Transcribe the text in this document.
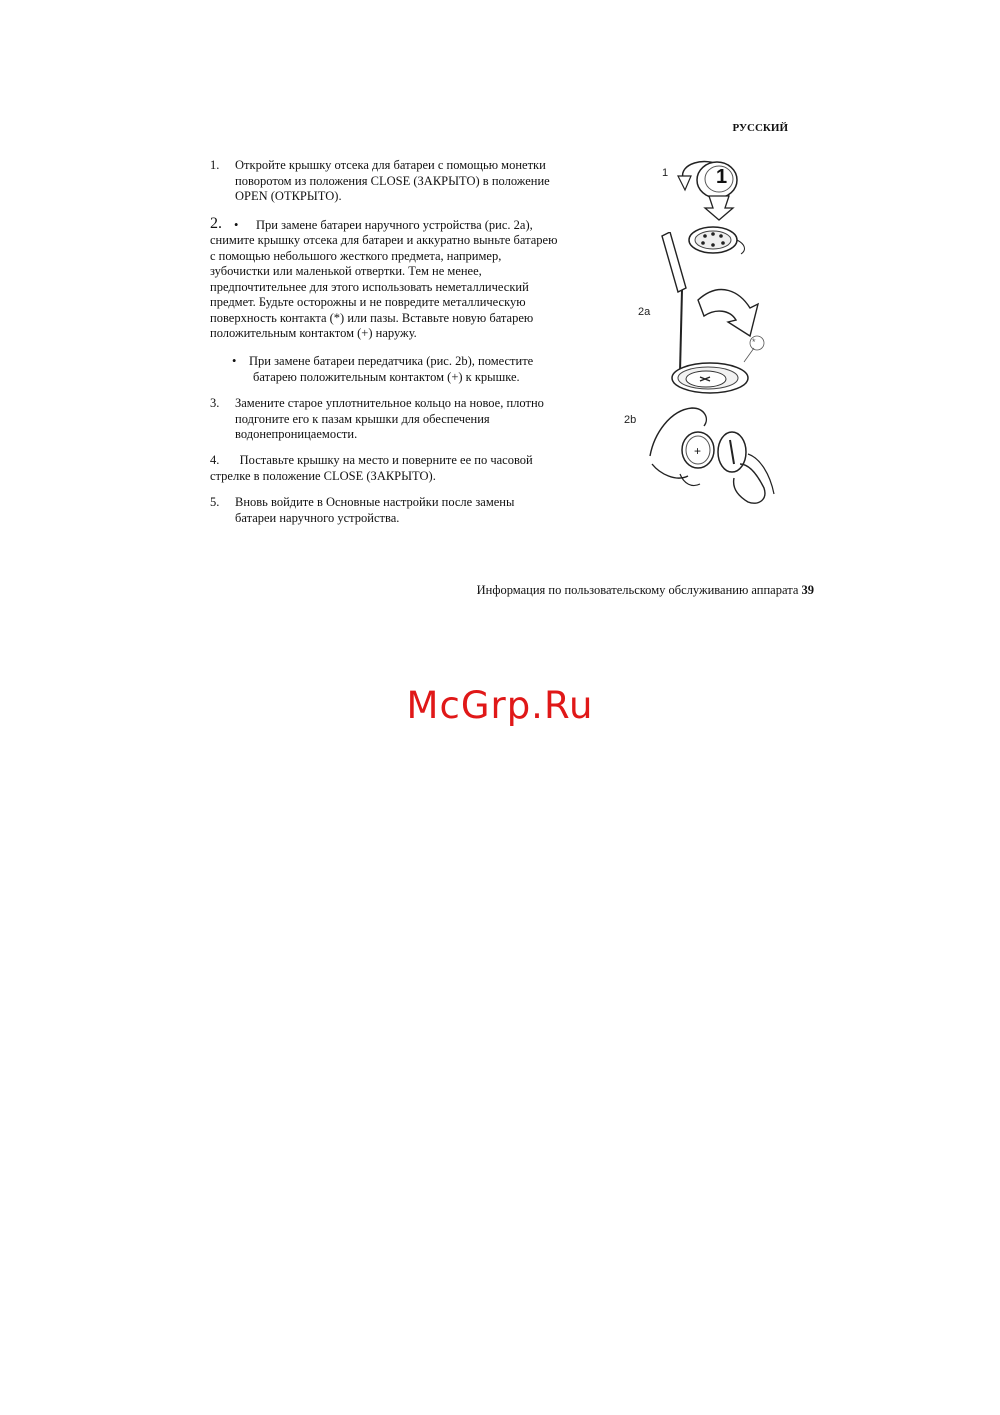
РУССКИЙ
1.	Откройте крышку отсека для батареи с помощью монетки
поворотом из положения CLOSE (ЗАКРЫТО) в положение
OPEN (ОТКРЫТО).
2. • При замене батареи наручного устройства (рис. 2а),
снимите крышку отсека для батареи и аккуратно выньте батарею
с помощью небольшого жесткого предмета, например,
зубочистки или маленькой отвертки. Тем не менее,
предпочтительнее для этого использовать неметаллический
предмет. Будьте осторожны и не повредите металлическую
поверхность контакта (*) или пазы. Вставьте новую батарею
положительным контактом (+) наружу.
•	При замене батареи передатчика (рис. 2b), поместите
батарею положительным контактом (+) к крышке.
3.	Замените старое уплотнительное кольцо на новое, плотно
подгоните его к пазам крышки для обеспечения
водонепроницаемости.
4. Поставьте крышку на место и поверните ее по часовой
стрелке в положение CLOSE (ЗАКРЫТО).
5.	Вновь войдите в Основные настройки после замены
батареи наручного устройства.
1
2a
2b
1
*
+
Информация по пользовательскому обслуживанию аппарата 39
McGrp.Ru
